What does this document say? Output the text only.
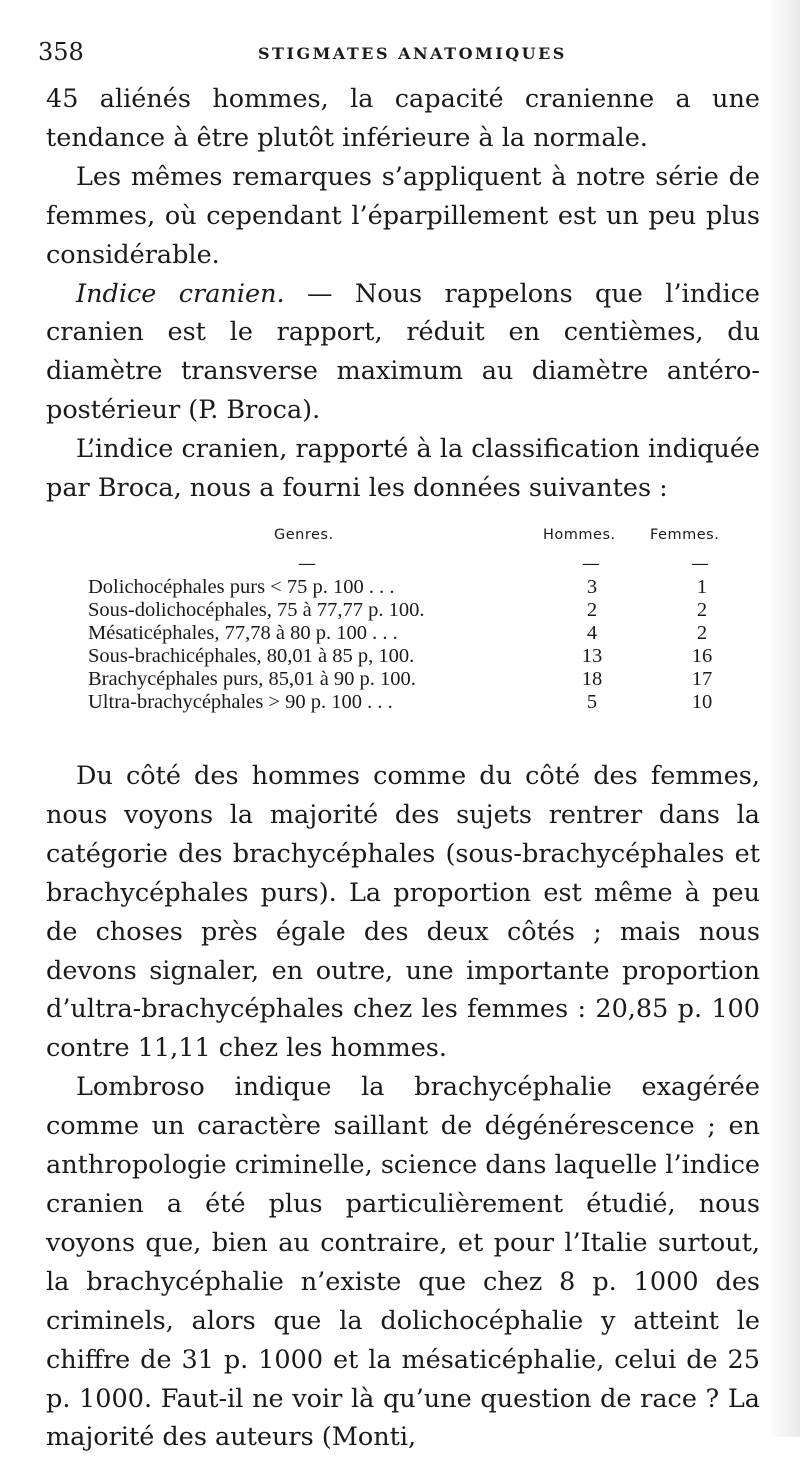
358	STIGMATES ANATOMIQUES

45 aliénés hommes, la capacité cranienne a une tendance à être plutôt inférieure à la normale.

Les mêmes remarques s’appliquent à notre série de femmes, où cependant l’éparpillement est un peu plus considérable.

Indice cranien. — Nous rappelons que l’indice cranien est le rapport, réduit en centièmes, du diamètre transverse maximum au diamètre antéro-postérieur (P. Broca).

L’indice cranien, rapporté à la classification indiquée par Broca, nous a fourni les données suivantes :

Genres.	Hommes. Femmes.
—	—	—
Dolichocéphales purs < 75 p. 100 . . .	3	1
Sous-dolichocéphales, 75 à 77,77 p. 100.	2	2
Mésaticéphales, 77,78 à 80 p. 100 . . .	4	2
Sous-brachicéphales, 80,01 à 85 p, 100.	13	16
Brachycéphales purs, 85,01 à 90 p. 100.	18	17
Ultra-brachycéphales > 90 p. 100 . . .	5	10

Du côté des hommes comme du côté des femmes, nous voyons la majorité des sujets rentrer dans la catégorie des brachycéphales (sous-brachycéphales et brachycéphales purs). La proportion est même à peu de choses près égale des deux côtés ; mais nous devons signaler, en outre, une importante proportion d’ultra-brachycéphales chez les femmes : 20,85 p. 100 contre 11,11 chez les hommes.

Lombroso indique la brachycéphalie exagérée comme un caractère saillant de dégénérescence ; en anthropologie criminelle, science dans laquelle l’indice cranien a été plus particulièrement étudié, nous voyons que, bien au contraire, et pour l’Italie surtout, la brachycéphalie n’existe que chez 8 p. 1000 des criminels, alors que la dolichocéphalie y atteint le chiffre de 31 p. 1000 et la mésaticéphalie, celui de 25 p. 1000. Faut-il ne voir là qu’une question de race ? La majorité des auteurs (Monti,
